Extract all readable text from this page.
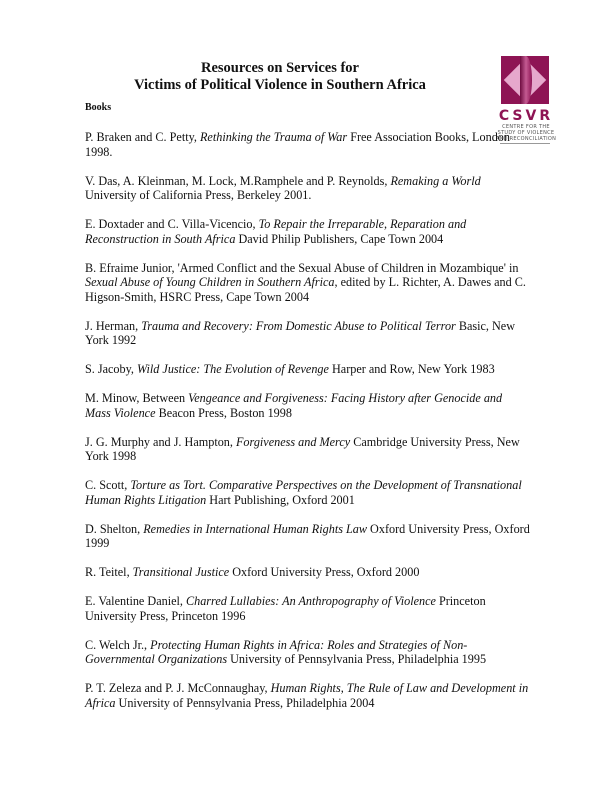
Resources on Services for
Victims of Political Violence in Southern Africa
CSVR
CENTRE FOR THE
STUDY OF VIOLENCE
AND RECONCILIATION
Books

P. Braken and C. Petty, Rethinking the Trauma of War Free Association Books, London 1998.

V. Das, A. Kleinman, M. Lock, M.Ramphele and P. Reynolds, Remaking a World University of California Press, Berkeley 2001.

E. Doxtader and C. Villa-Vicencio, To Repair the Irreparable, Reparation and Reconstruction in South Africa David Philip Publishers, Cape Town 2004

B. Efraime Junior, 'Armed Conflict and the Sexual Abuse of Children in Mozambique' in Sexual Abuse of Young Children in Southern Africa, edited by L. Richter, A. Dawes and C. Higson-Smith, HSRC Press, Cape Town 2004

J. Herman, Trauma and Recovery: From Domestic Abuse to Political Terror Basic, New York 1992

S. Jacoby, Wild Justice: The Evolution of Revenge Harper and Row, New York 1983

M. Minow, Between Vengeance and Forgiveness: Facing History after Genocide and Mass Violence Beacon Press, Boston 1998

J. G. Murphy and J. Hampton, Forgiveness and Mercy Cambridge University Press, New York 1998

C. Scott, Torture as Tort. Comparative Perspectives on the Development of Transnational Human Rights Litigation Hart Publishing, Oxford 2001

D. Shelton, Remedies in International Human Rights Law Oxford University Press, Oxford 1999

R. Teitel, Transitional Justice Oxford University Press, Oxford 2000

E. Valentine Daniel, Charred Lullabies: An Anthropography of Violence Princeton University Press, Princeton 1996

C. Welch Jr., Protecting Human Rights in Africa: Roles and Strategies of Non-Governmental Organizations University of Pennsylvania Press, Philadelphia 1995

P. T. Zeleza and P. J. McConnaughay, Human Rights, The Rule of Law and Development in Africa University of Pennsylvania Press, Philadelphia 2004
